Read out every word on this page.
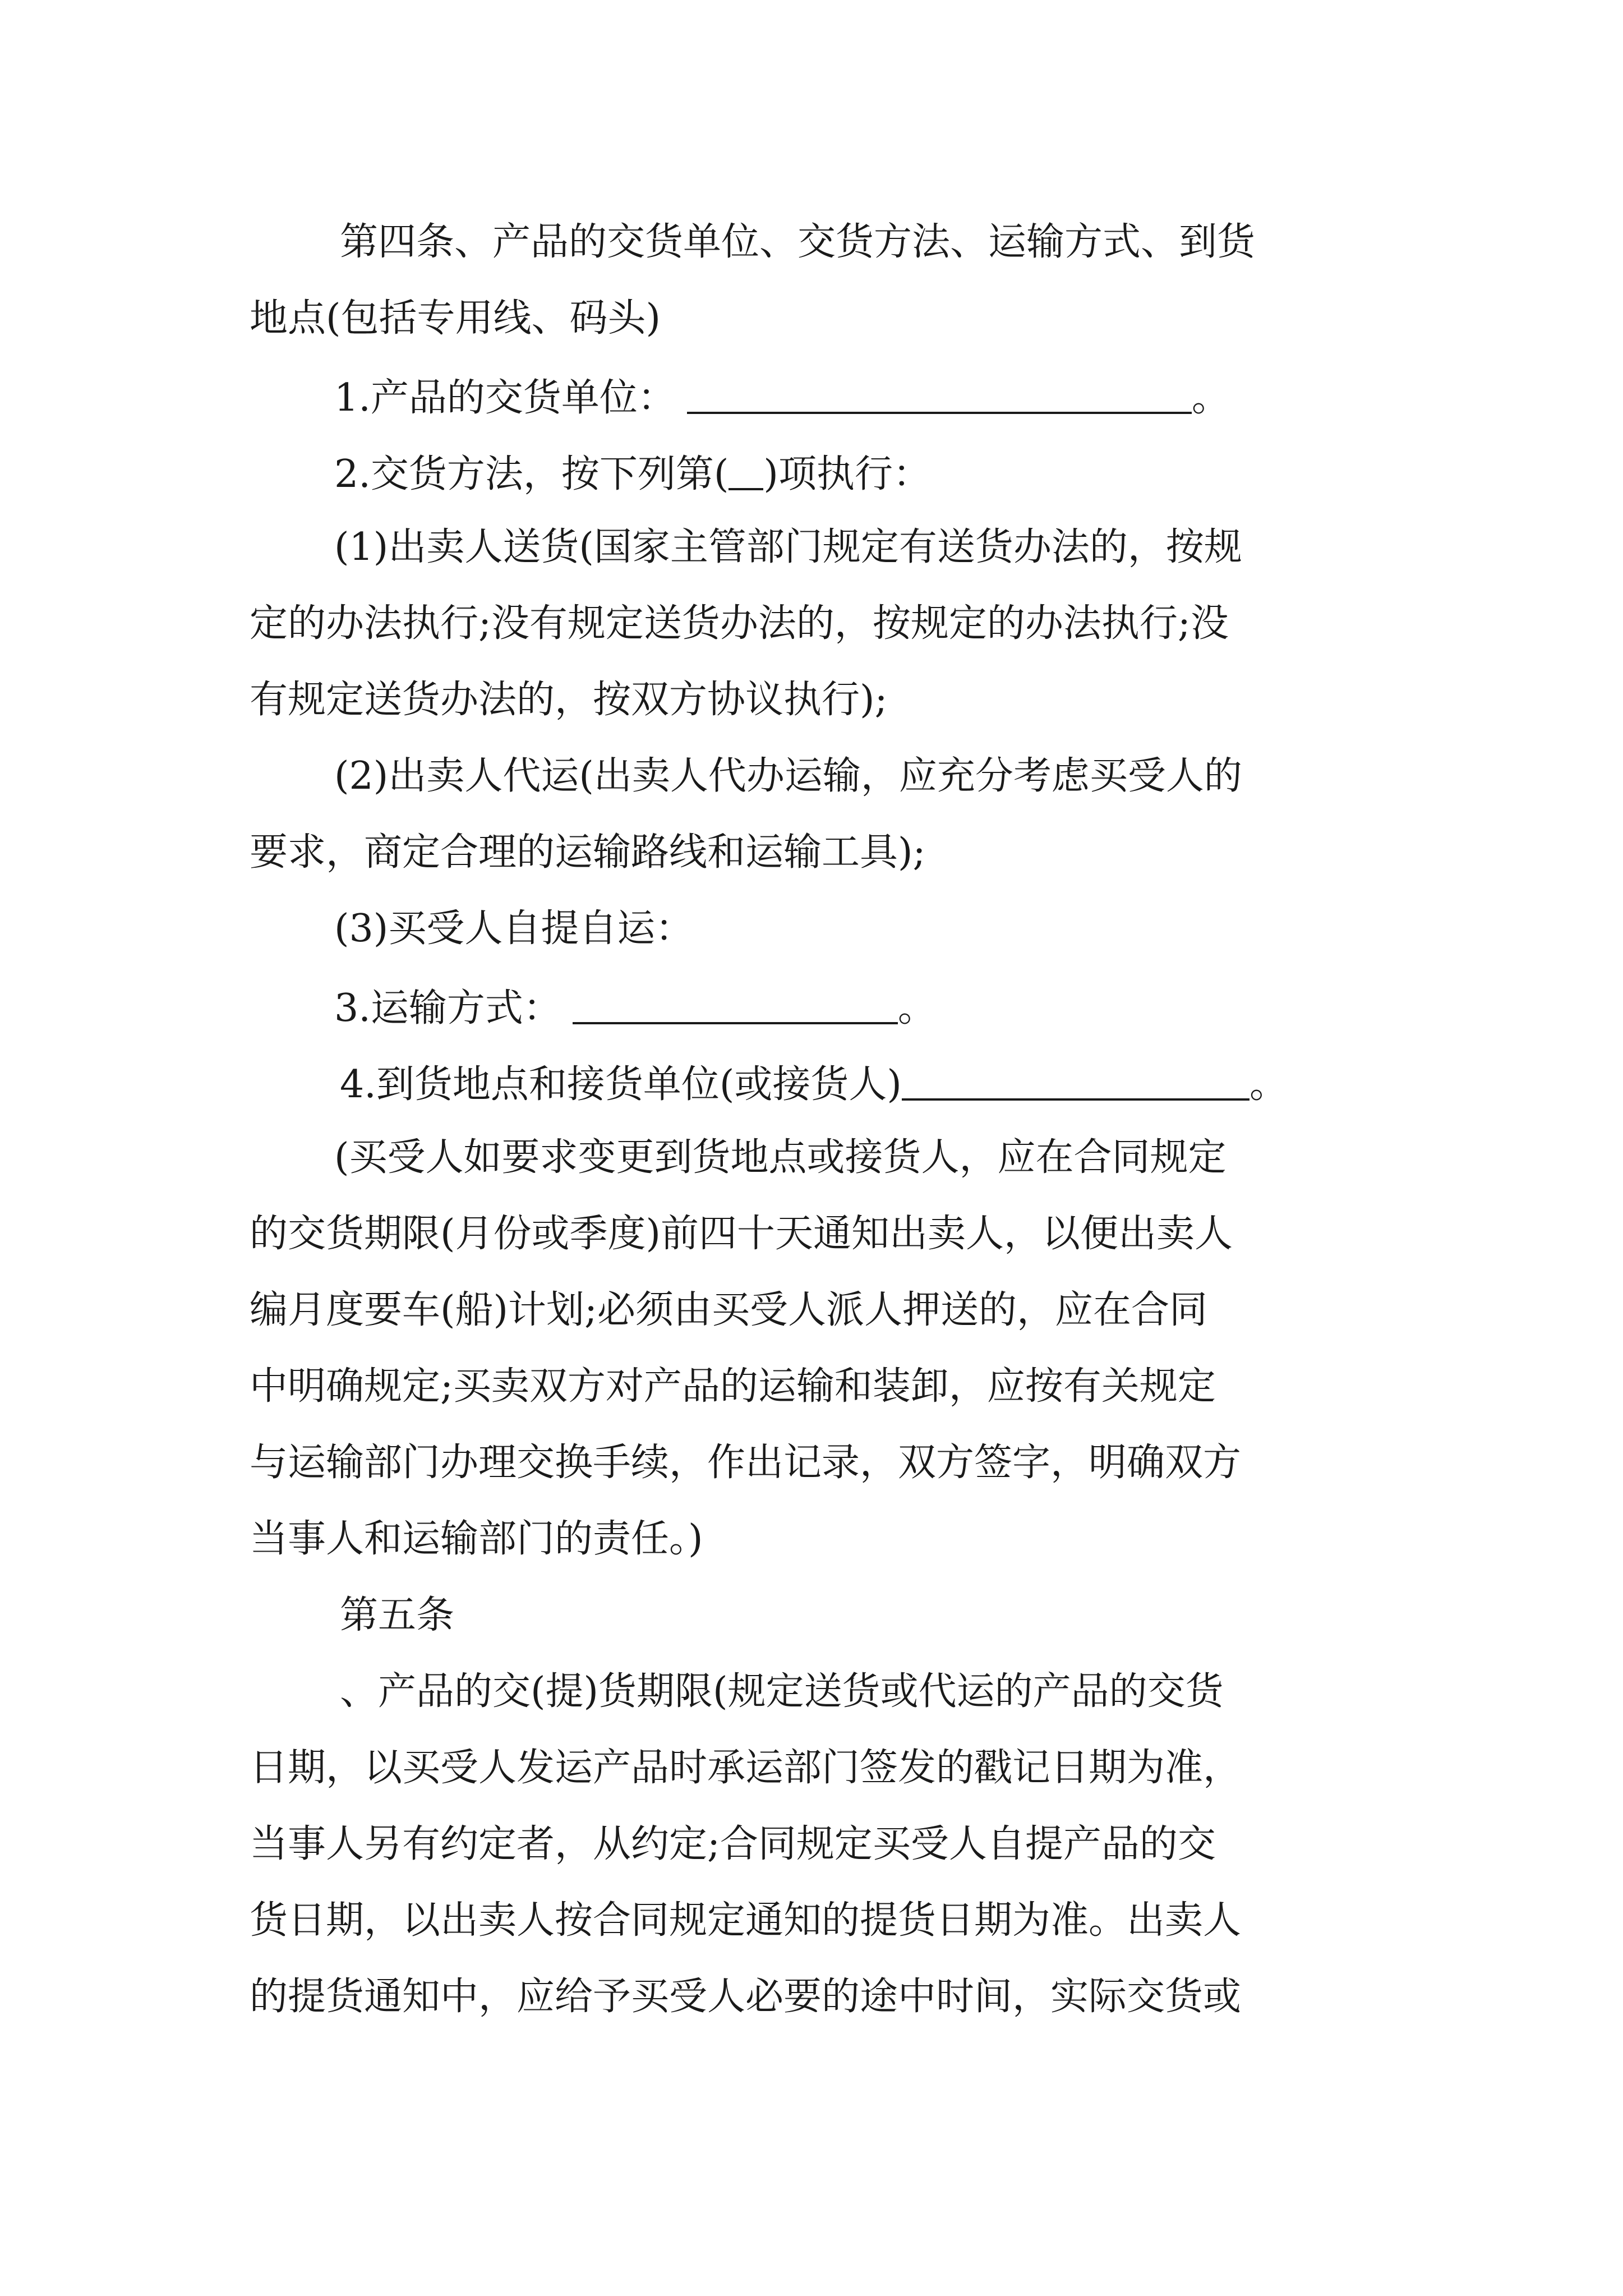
第四条、产品的交货单位、交货方法、运输方式、到货
地点(包括专用线、码头)
1.产品的交货单位：	。
2.交货方法，按下列第( )项执行：
(1)出卖人送货(国家主管部门规定有送货办法的，按规
定的办法执行;没有规定送货办法的，按规定的办法执行;没
有规定送货办法的，按双方协议执行);
(2)出卖人代运(出卖人代办运输，应充分考虑买受人的
要求，商定合理的运输路线和运输工具);
(3)买受人自提自运：
3.运输方式：	。
4.到货地点和接货单位(或接货人)	。
(买受人如要求变更到货地点或接货人，应在合同规定
的交货期限(月份或季度)前四十天通知出卖人，以便出卖人
编月度要车(船)计划;必须由买受人派人押送的，应在合同
中明确规定;买卖双方对产品的运输和装卸，应按有关规定
与运输部门办理交换手续，作出记录，双方签字，明确双方
当事人和运输部门的责任。)
第五条
、产品的交(提)货期限(规定送货或代运的产品的交货
日期，以买受人发运产品时承运部门签发的戳记日期为准，
当事人另有约定者，从约定;合同规定买受人自提产品的交
货日期，以出卖人按合同规定通知的提货日期为准。出卖人
的提货通知中，应给予买受人必要的途中时间，实际交货或
